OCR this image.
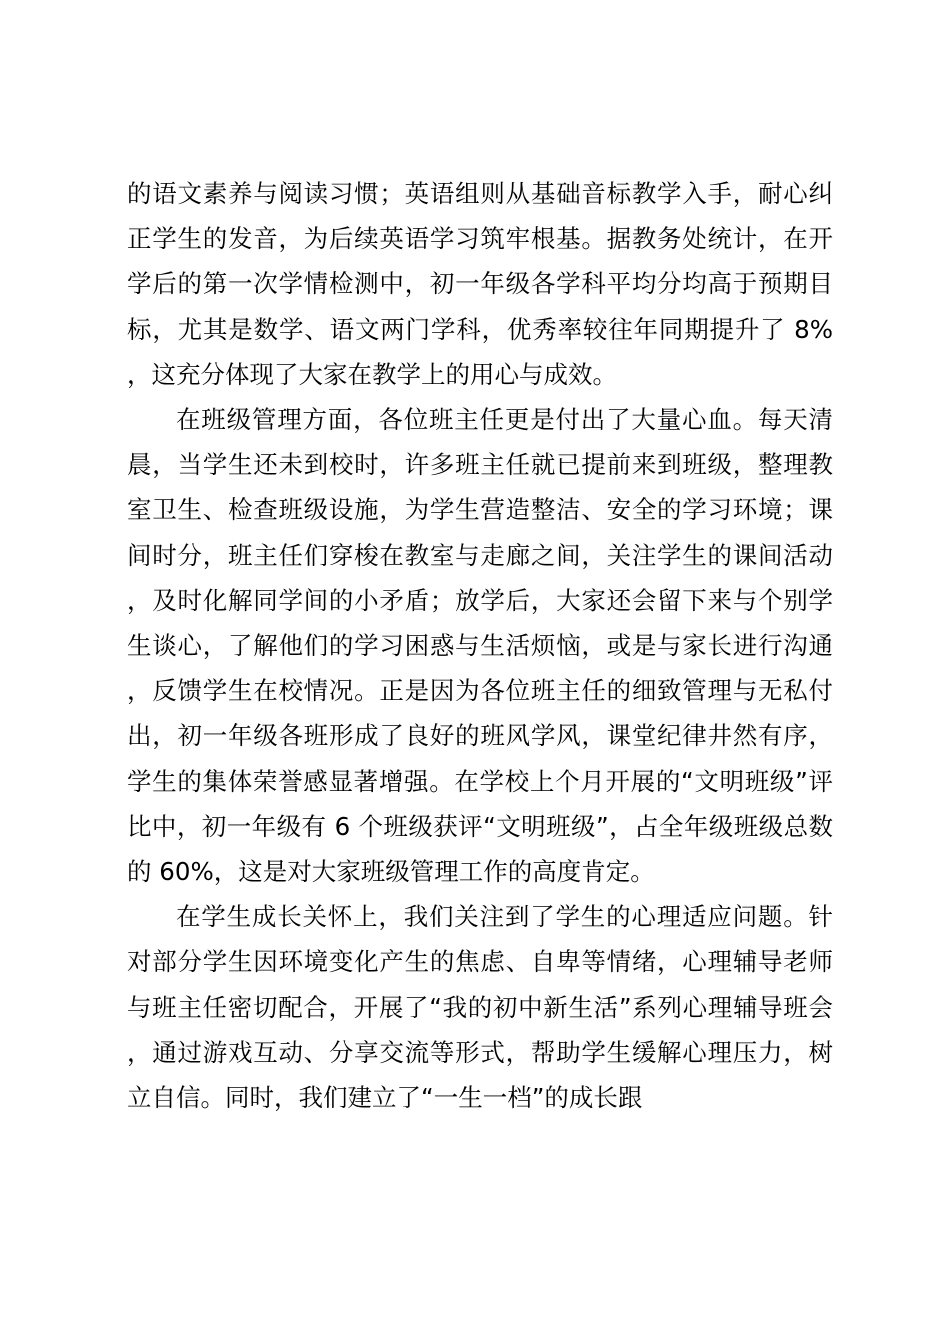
的语文素养与阅读习惯；英语组则从基础音标教学入手，耐心纠正学生的发音，为后续英语学习筑牢根基。据教务处统计，在开学后的第一次学情检测中，初一年级各学科平均分均高于预期目标，尤其是数学、语文两门学科，优秀率较往年同期提升了 8%，这充分体现了大家在教学上的用心与成效。

在班级管理方面，各位班主任更是付出了大量心血。每天清晨，当学生还未到校时，许多班主任就已提前来到班级，整理教室卫生、检查班级设施，为学生营造整洁、安全的学习环境；课间时分，班主任们穿梭在教室与走廊之间，关注学生的课间活动，及时化解同学间的小矛盾；放学后，大家还会留下来与个别学生谈心，了解他们的学习困惑与生活烦恼，或是与家长进行沟通，反馈学生在校情况。正是因为各位班主任的细致管理与无私付出，初一年级各班形成了良好的班风学风，课堂纪律井然有序，学生的集体荣誉感显著增强。在学校上个月开展的“文明班级”评比中，初一年级有 6 个班级获评“文明班级”，占全年级班级总数的 60%，这是对大家班级管理工作的高度肯定。

在学生成长关怀上，我们关注到了学生的心理适应问题。针对部分学生因环境变化产生的焦虑、自卑等情绪，心理辅导老师与班主任密切配合，开展了“我的初中新生活”系列心理辅导班会，通过游戏互动、分享交流等形式，帮助学生缓解心理压力，树立自信。同时，我们建立了“一生一档”的成长跟
